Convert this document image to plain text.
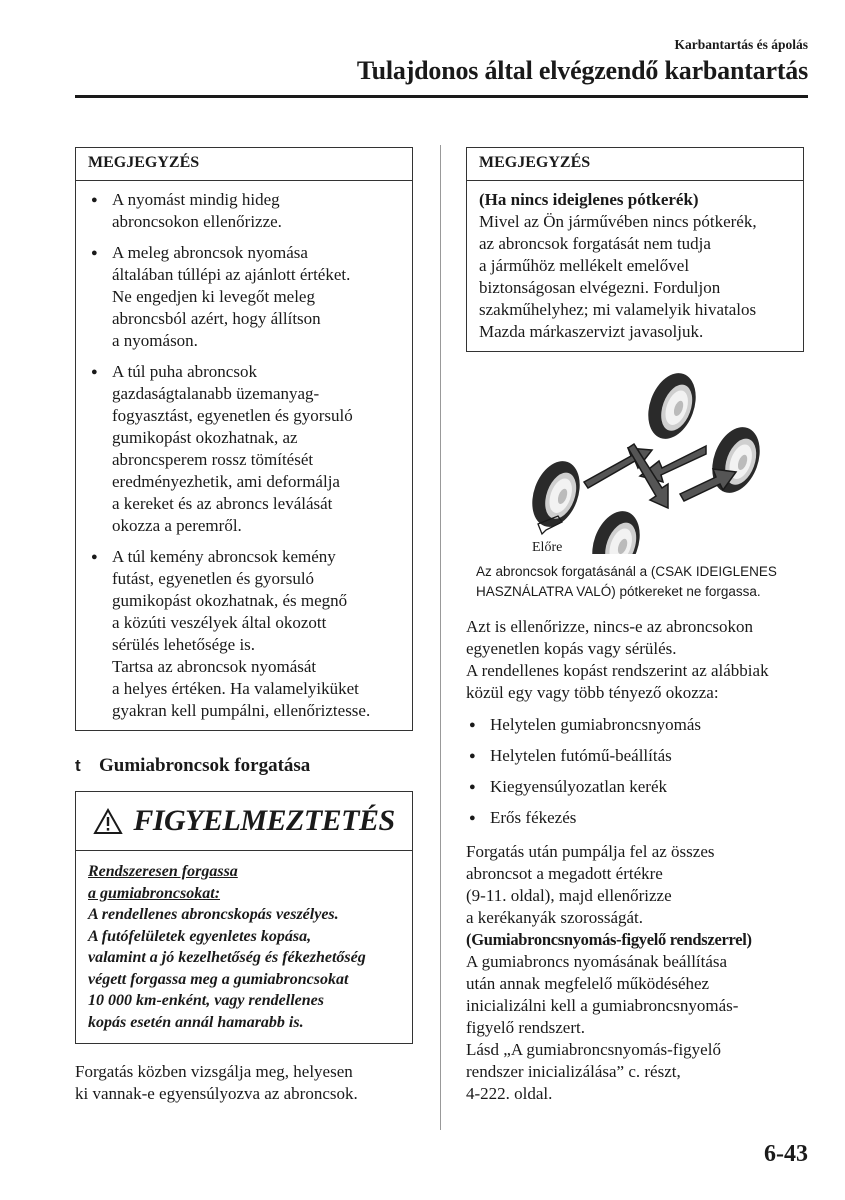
Karbantartás és ápolás
Tulajdonos által elvégzendő karbantartás
MEGJEGYZÉS
● A nyomást mindig hideg
abroncsokon ellenőrizze.
● A meleg abroncsok nyomása
általában túllépi az ajánlott értéket.
Ne engedjen ki levegőt meleg
abroncsból azért, hogy állítson
a nyomáson.
● A túl puha abroncsok
gazdaságtalanabb üzemanyag-
fogyasztást, egyenetlen és gyorsuló
gumikopást okozhatnak, az
abroncsperem rossz tömítését
eredményezhetik, ami deformálja
a kereket és az abroncs leválását
okozza a peremről.
● A túl kemény abroncsok kemény
futást, egyenetlen és gyorsuló
gumikopást okozhatnak, és megnő
a közúti veszélyek által okozott
sérülés lehetősége is.
Tartsa az abroncsok nyomását
a helyes értéken. Ha valamelyiküket
gyakran kell pumpálni, ellenőriztesse.
t Gumiabroncsok forgatása
FIGYELMEZTETÉS
Rendszeresen forgassa
a gumiabroncsokat:
A rendellenes abroncskopás veszélyes.
A futófelületek egyenletes kopása,
valamint a jó kezelhetőség és fékezhetőség
végett forgassa meg a gumiabroncsokat
10 000 km-enként, vagy rendellenes
kopás esetén annál hamarabb is.
Forgatás közben vizsgálja meg, helyesen
ki vannak-e egyensúlyozva az abroncsok.
MEGJEGYZÉS
(Ha nincs ideiglenes pótkerék)
Mivel az Ön járművében nincs pótkerék,
az abroncsok forgatását nem tudja
a járműhöz mellékelt emelővel
biztonságosan elvégezni. Forduljon
szakműhelyhez; mi valamelyik hivatalos
Mazda márkaszervizt javasoljuk.
Előre
Az abroncsok forgatásánál a (CSAK IDEIGLENES
HASZNÁLATRA VALÓ) pótkereket ne forgassa.
Azt is ellenőrizze, nincs-e az abroncsokon
egyenetlen kopás vagy sérülés.
A rendellenes kopást rendszerint az alábbiak
közül egy vagy több tényező okozza:
● Helytelen gumiabroncsnyomás
● Helytelen futómű-beállítás
● Kiegyensúlyozatlan kerék
● Erős fékezés
Forgatás után pumpálja fel az összes
abroncsot a megadott értékre
(9-11. oldal), majd ellenőrizze
a kerékanyák szorosságát.
(Gumiabroncsnyomás-figyelő rendszerrel)
A gumiabroncs nyomásának beállítása
után annak megfelelő működéséhez
inicializálni kell a gumiabroncsnyomás-
figyelő rendszert.
Lásd „A gumiabroncsnyomás-figyelő
rendszer inicializálása” c. részt,
4-222. oldal.
6-43
